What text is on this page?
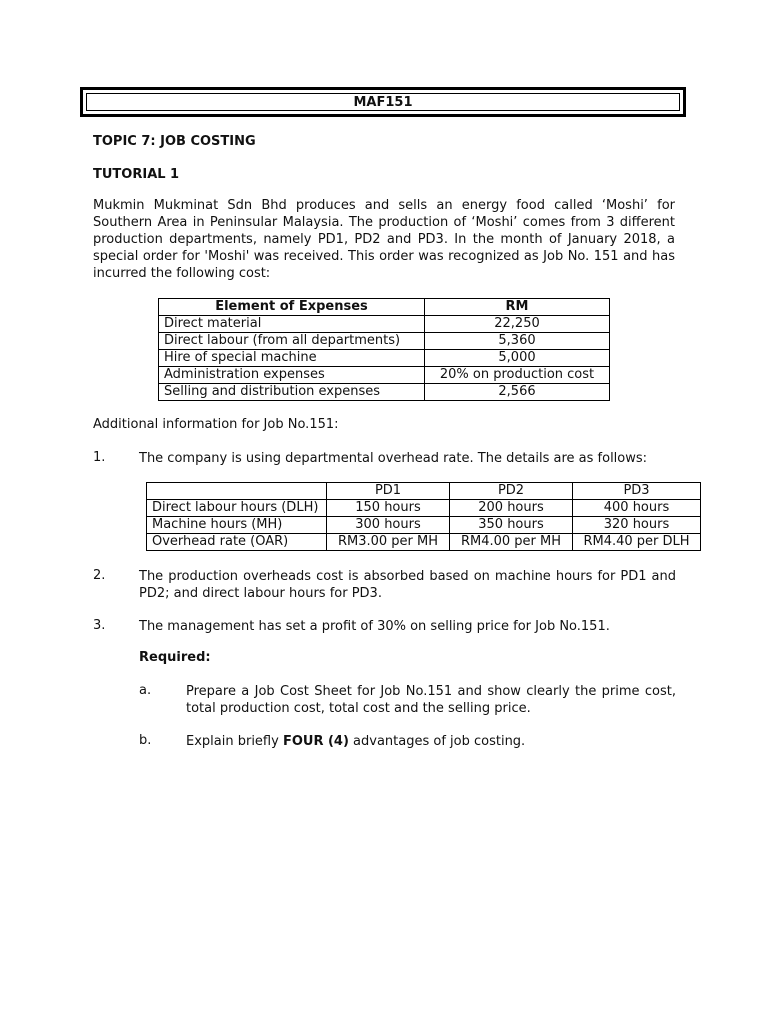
MAF151
TOPIC 7: JOB COSTING
TUTORIAL 1

Mukmin Mukminat Sdn Bhd produces and sells an energy food called ‘Moshi’ for Southern Area in Peninsular Malaysia. The production of ‘Moshi’ comes from 3 different production departments, namely PD1, PD2 and PD3. In the month of January 2018, a special order for 'Moshi' was received. This order was recognized as Job No. 151 and has incurred the following cost:

Element of Expenses	RM
Direct material	22,250
Direct labour (from all departments)	5,360
Hire of special machine	5,000
Administration expenses	20% on production cost
Selling and distribution expenses	2,566

Additional information for Job No.151:

1.	The company is using departmental overhead rate. The details are as follows:

	PD1	PD2	PD3
Direct labour hours (DLH)	150 hours	200 hours	400 hours
Machine hours (MH)	300 hours	350 hours	320 hours
Overhead rate (OAR)	RM3.00 per MH	RM4.00 per MH	RM4.40 per DLH
2.	The production overheads cost is absorbed based on machine hours for PD1 and PD2; and direct labour hours for PD3.

3.	The management has set a profit of 30% on selling price for Job No.151.

Required:
a.	Prepare a Job Cost Sheet for Job No.151 and show clearly the prime cost, total production cost, total cost and the selling price.

b.	Explain briefly FOUR (4) advantages of job costing.
